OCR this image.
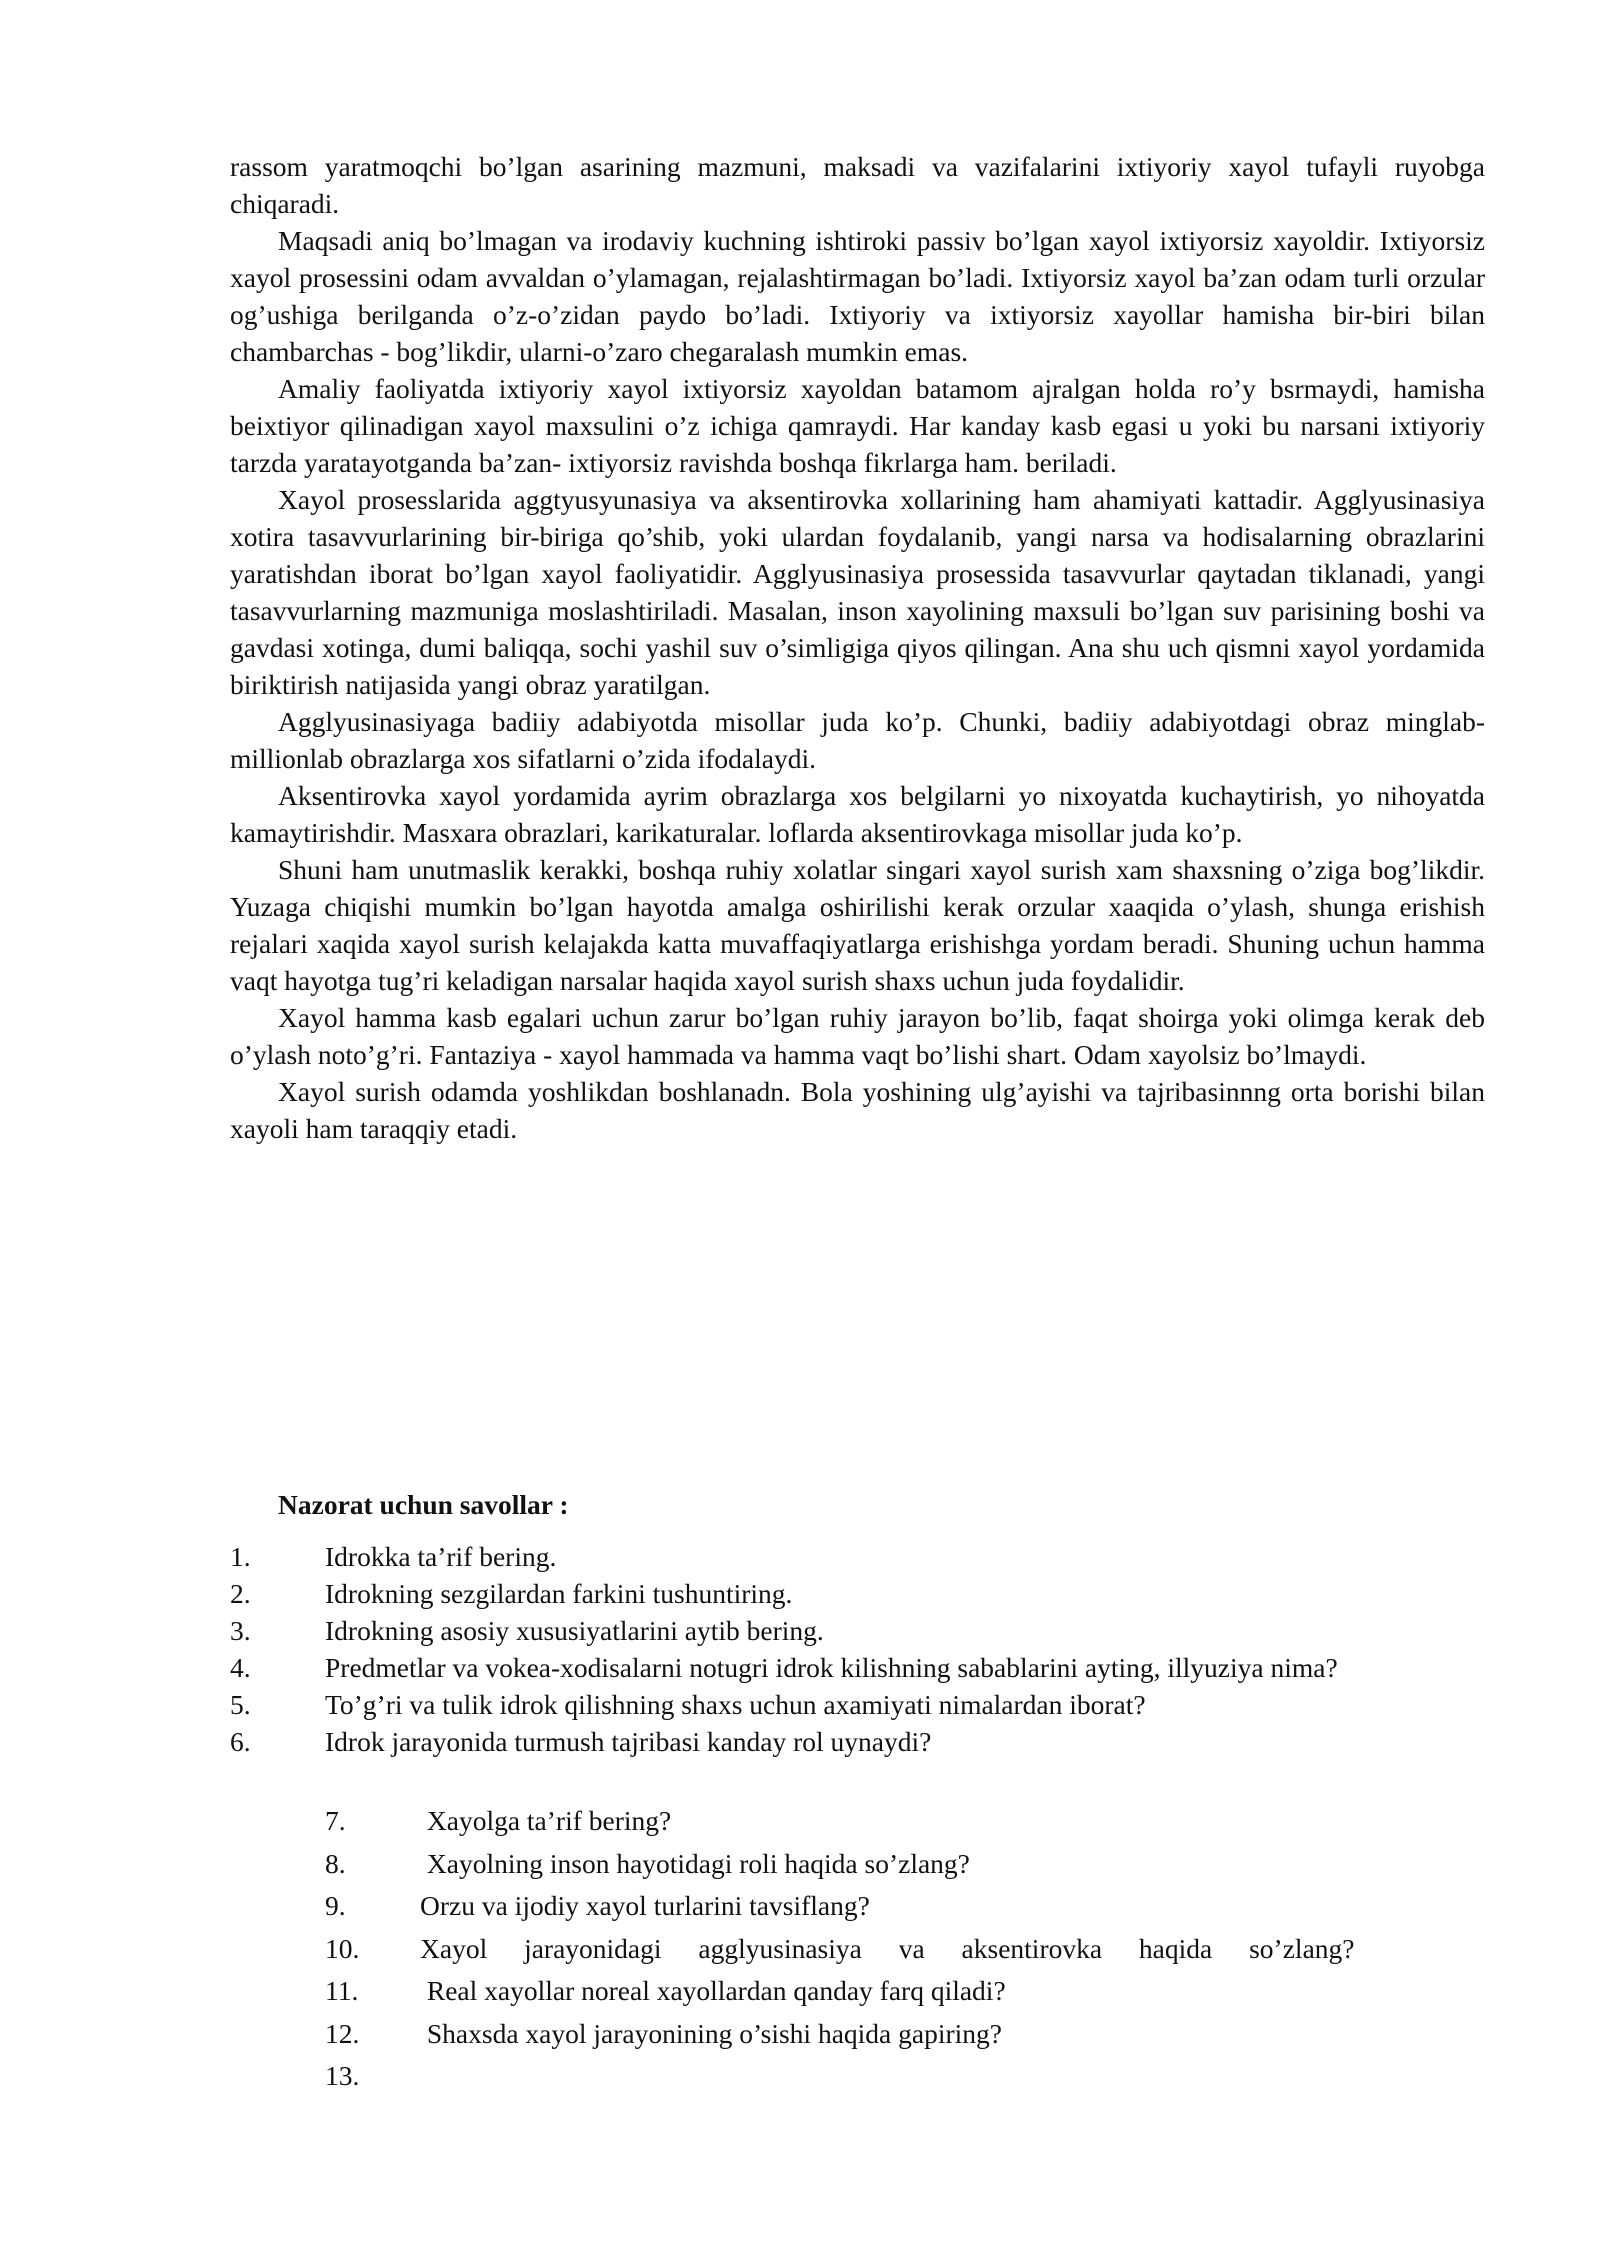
rassom yaratmoqchi bo’lgan asarining mazmuni, maksadi va vazifalarini ixtiyoriy xayol tufayli ruyobga chiqaradi.

Maqsadi aniq bo’lmagan va irodaviy kuchning ishtiroki passiv bo’lgan xayol ixtiyorsiz xayoldir. Ixtiyorsiz xayol prosessini odam avvaldan o’ylamagan, rejalashtirmagan bo’ladi. Ixtiyorsiz xayol ba’zan odam turli orzular og’ushiga berilganda o’z-o’zidan paydo bo’ladi. Ixtiyoriy va ixtiyorsiz xayollar hamisha bir-biri bilan chambarchas - bog’likdir, ularni-o’zaro chegaralash mumkin emas.

Amaliy faoliyatda ixtiyoriy xayol ixtiyorsiz xayoldan batamom ajralgan holda ro’y bsrmaydi, hamisha beixtiyor qilinadigan xayol maxsulini o’z ichiga qamraydi. Har kanday kasb egasi u yoki bu narsani ixtiyoriy tarzda yaratayotganda ba’zan- ixtiyorsiz ravishda boshqa fikrlarga ham. beriladi.

Xayol prosesslarida aggtyusyunasiya va aksentirovka xollarining ham ahamiyati kattadir. Agglyusinasiya xotira tasavvurlarining bir-biriga qo’shib, yoki ulardan foydalanib, yangi narsa va hodisalarning obrazlarini yaratishdan iborat bo’lgan xayol faoliyatidir. Agglyusinasiya prosessida tasavvurlar qaytadan tiklanadi, yangi tasavvurlarning mazmuniga moslashtiriladi. Masalan, inson xayolining maxsuli bo’lgan suv parisining boshi va gavdasi xotinga, dumi baliqqa, sochi yashil suv o’simligiga qiyos qilingan. Ana shu uch qismni xayol yordamida biriktirish natijasida yangi obraz yaratilgan.

Agglyusinasiyaga badiiy adabiyotda misollar juda ko’p. Chunki, badiiy adabiyotdagi obraz minglab-millionlab obrazlarga xos sifatlarni o’zida ifodalaydi.

Aksentirovka xayol yordamida ayrim obrazlarga xos belgilarni yo nixoyatda kuchaytirish, yo nihoyatda kamaytirishdir. Masxara obrazlari, karikaturalar. loflarda aksentirovkaga misollar juda ko’p.

Shuni ham unutmaslik kerakki, boshqa ruhiy xolatlar singari xayol surish xam shaxsning o’ziga bog’likdir. Yuzaga chiqishi mumkin bo’lgan hayotda amalga oshirilishi kerak orzular xaaqida o’ylash, shunga erishish rejalari xaqida xayol surish kelajakda katta muvaffaqiyatlarga erishishga yordam beradi. Shuning uchun hamma vaqt hayotga tug’ri keladigan narsalar haqida xayol surish shaxs uchun juda foydalidir.

Xayol hamma kasb egalari uchun zarur bo’lgan ruhiy jarayon bo’lib, faqat shoirga yoki olimga kerak deb o’ylash noto’g’ri. Fantaziya - xayol hammada va hamma vaqt bo’lishi shart. Odam xayolsiz bo’lmaydi.

Xayol surish odamda yoshlikdan boshlanadn. Bola yoshining ulg’ayishi va tajribasinnng orta borishi bilan xayoli ham taraqqiy etadi.

Nazorat uchun savollar :
1.	Idrokka ta’rif bering.
2.	Idrokning sezgilardan farkini tushuntiring.
3.	Idrokning asosiy xususiyatlarini aytib bering.
4.	Predmetlar va vokea-xodisalarni notugri idrok kilishning sabablarini ayting, illyuziya nima?
5.	To’g’ri va tulik idrok qilishning shaxs uchun axamiyati nimalardan iborat?
6.	Idrok jarayonida turmush tajribasi kanday rol uynaydi?
7.	Xayolga ta’rif bering?
8.	Xayolning inson hayotidagi roli haqida so’zlang?
9.	Orzu va ijodiy xayol turlarini tavsiflang?
10. Xayol jarayonidagi agglyusinasiya va aksentirovka haqida so’zlang?
11. Real xayollar noreal xayollardan qanday farq qiladi?
12. Shaxsda xayol jarayonining o’sishi haqida gapiring?
13.
